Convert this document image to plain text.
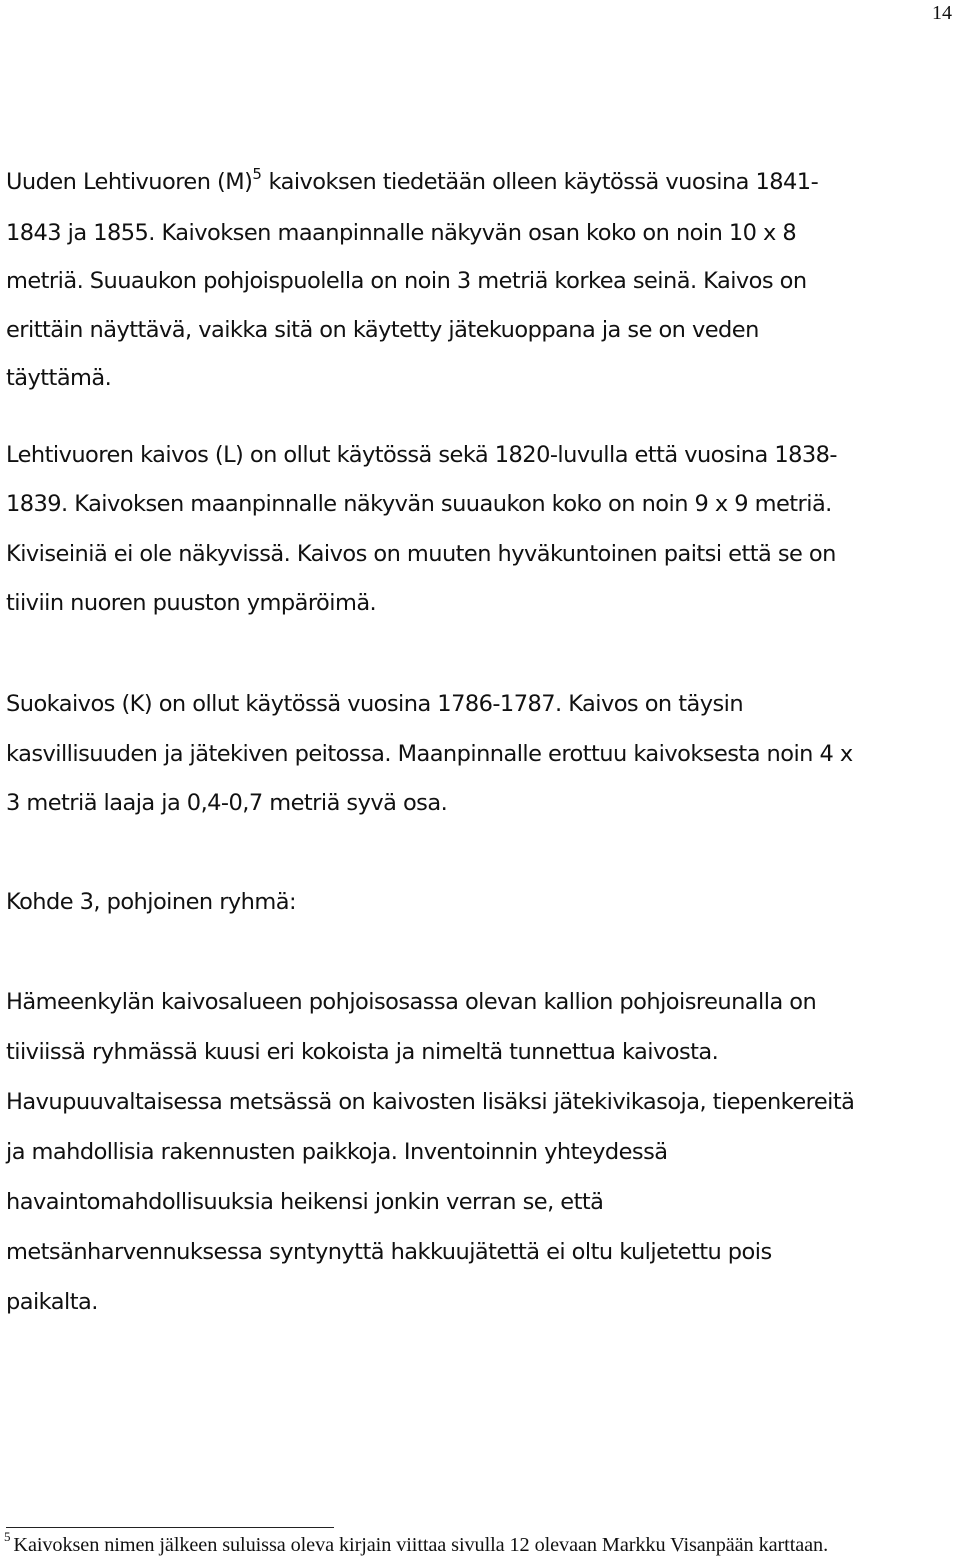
14
Uuden Lehtivuoren $(M)^5$ kaivoksen tiedetään olleen käytössä vuosina 1841-
1843 ja 1855. Kaivoksen maanpinnalle näkyvän osan koko on noin 10 x 8
metriä. Suuaukon pohjoispuolella on noin 3 metriä korkea seinä. Kaivos on
erittäin näyttävä, vaikka sitä on käytetty jätekuoppana ja se on veden
täyttämä.
Lehtivuoren kaivos (L) on ollut käytössä sekä 1820-luvulla että vuosina 1838-
1839. Kaivoksen maanpinnalle näkyvän suuaukon koko on noin 9 x 9 metriä.
Kiviseiniä ei ole näkyvissä. Kaivos on muuten hyväkuntoinen paitsi että se on
tiiviin nuoren puuston ympäröimä.
Suokaivos (K) on ollut käytössä vuosina 1786-1787. Kaivos on täysin
kasvillisuuden ja jätekiven peitossa. Maanpinnalle erottuu kaivoksesta noin 4 x
3 metriä laaja ja 0,4-0,7 metriä syvä osa.
Kohde 3, pohjoinen ryhmä:
Hämeenkylän kaivosalueen pohjoisosassa olevan kallion pohjoisreunalla on
tiiviissä ryhmässä kuusi eri kokoista ja nimeltä tunnettua kaivosta.
Havupuuvaltaisessa metsässä on kaivosten lisäksi jätekivikasoja, tiepenkereitä
ja mahdollisia rakennusten paikkoja. Inventoinnin yhteydessä
havaintomahdollisuuksia heikensi jonkin verran se, että
metsänharvennuksessa syntynyttä hakkuujätettä ei oltu kuljetettu pois
paikalta.
$^5$ Kaivoksen nimen jälkeen suluissa oleva kirjain viittaa sivulla 12 olevaan Markku Visanpään karttaan.
